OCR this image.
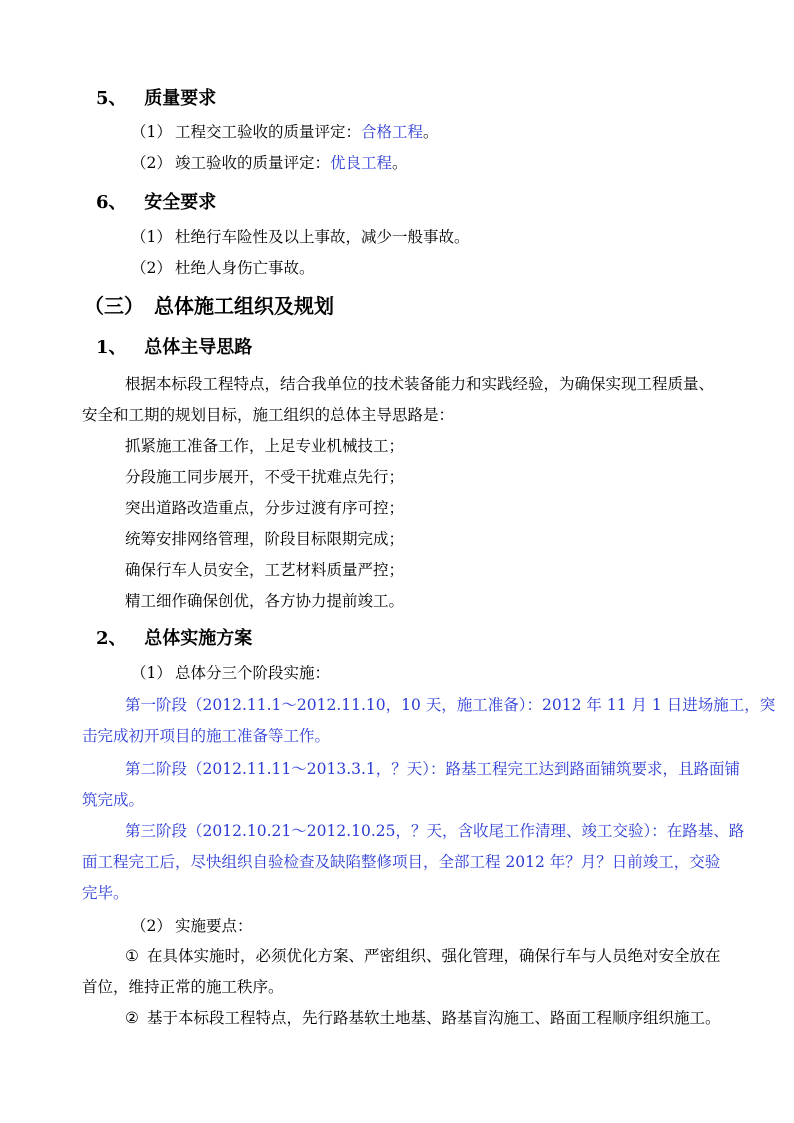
5、 质量要求
（1） 工程交工验收的质量评定：合格工程。
（2） 竣工验收的质量评定：优良工程。
6、 安全要求
（1） 杜绝行车险性及以上事故，减少一般事故。
（2） 杜绝人身伤亡事故。
（三） 总体施工组织及规划
1、 总体主导思路
根据本标段工程特点，结合我单位的技术装备能力和实践经验，为确保实现工程质量、
安全和工期的规划目标，施工组织的总体主导思路是：
抓紧施工准备工作，上足专业机械技工；
分段施工同步展开，不受干扰难点先行；
突出道路改造重点，分步过渡有序可控；
统筹安排网络管理，阶段目标限期完成；
确保行车人员安全，工艺材料质量严控；
精工细作确保创优，各方协力提前竣工。
2、 总体实施方案
（1） 总体分三个阶段实施：
第一阶段（2012.11.1～2012.11.10，10 天，施工准备）：2012 年 11 月 1 日进场施工，突
击完成初开项目的施工准备等工作。
第二阶段（2012.11.11～2013.3.1，？天）：路基工程完工达到路面铺筑要求，且路面铺
筑完成。
第三阶段（2012.10.21～2012.10.25，？天，含收尾工作清理、竣工交验）：在路基、路
面工程完工后，尽快组织自验检查及缺陷整修项目，全部工程 2012 年？月？日前竣工，交验
完毕。
（2） 实施要点：
① 在具体实施时，必须优化方案、严密组织、强化管理，确保行车与人员绝对安全放在
首位，维持正常的施工秩序。
② 基于本标段工程特点，先行路基软土地基、路基盲沟施工、路面工程顺序组织施工。
